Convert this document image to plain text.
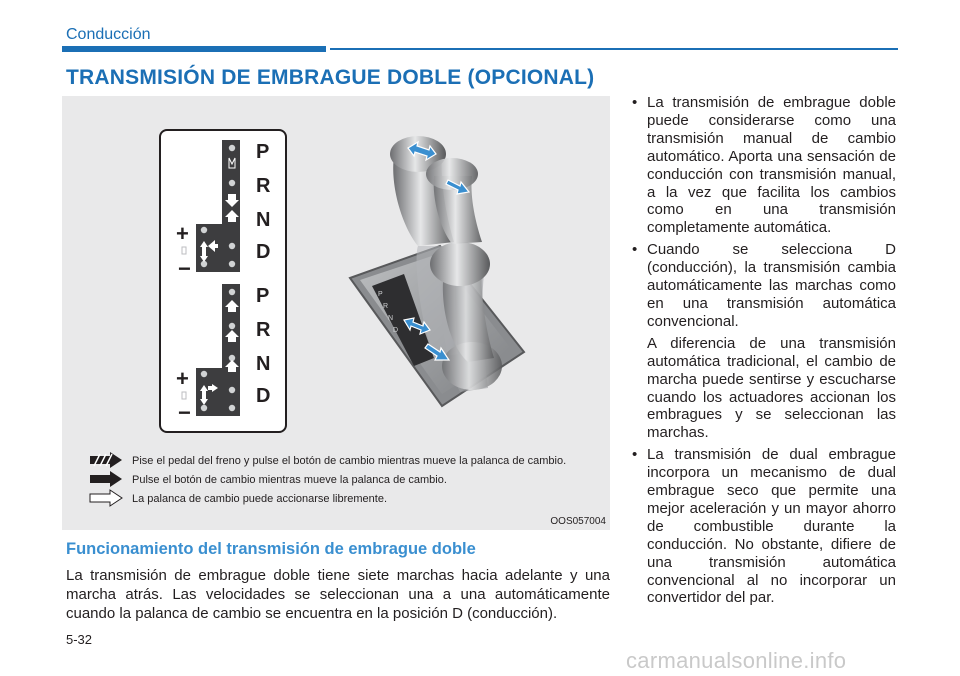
Conducción
TRANSMISIÓN DE EMBRAGUE DOBLE (OPCIONAL)
P
R
N
D
P
R
N
D
+
−
+
−
P
R
N
D
Pise el pedal del freno y pulse el botón de cambio mientras mueve la palanca de cambio.
Pulse el botón de cambio mientras mueve la palanca de cambio.
La palanca de cambio puede accionarse libremente.
OOS057004
Funcionamiento del transmisión de embrague doble
La transmisión de embrague doble tiene siete marchas hacia adelante y una marcha atrás. Las velocidades se seleccionan una a una automáticamente cuando la palanca de cambio se encuentra en la posición D (conducción).
• La transmisión de embrague doble puede considerarse como una transmisión manual de cambio automático. Aporta una sensación de conducción con transmisión manual, a la vez que facilita los cambios como en una transmisión completamente automática.

• Cuando se selecciona D (conducción), la transmisión cambia automáticamente las marchas como en una transmisión automática convencional.

A diferencia de una transmisión automática tradicional, el cambio de marcha puede sentirse y escucharse cuando los actuadores accionan los embragues y se seleccionan las marchas.

• La transmisión de dual embrague incorpora un mecanismo de dual embrague seco que permite una mejor aceleración y un mayor ahorro de combustible durante la conducción. No obstante, difiere de una transmisión automática convencional al no incorporar un convertidor del par.

5-32
carmanualsonline.info
